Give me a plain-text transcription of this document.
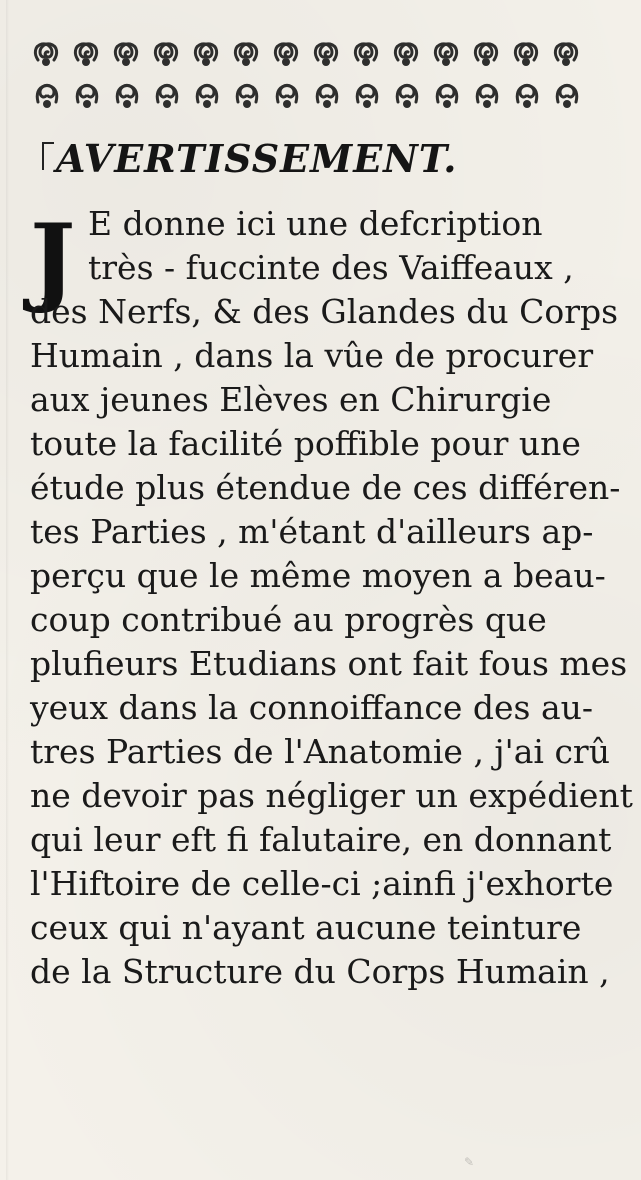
AVERTISSEMENT.
J E donne ici une defcription
très - fuccinte des Vaiffeaux ,
des Nerfs, & des Glandes du Corps
Humain , dans la vûe de procurer
aux jeunes Elèves en Chirurgie
toute la facilité poffible pour une
étude plus étendue de ces différen-
tes Parties , m'étant d'ailleurs ap-
perçu que le même moyen a beau-
coup contribué au progrès que
plufieurs Etudians ont fait fous mes
yeux dans la connoiffance des au-
tres Parties de l'Anatomie , j'ai crû
ne devoir pas négliger un expédient
qui leur eft fi falutaire, en donnant
l'Hiftoire de celle-ci ;ainfi j'exhorte
ceux qui n'ayant aucune teinture
de la Structure du Corps Humain ,
✎
